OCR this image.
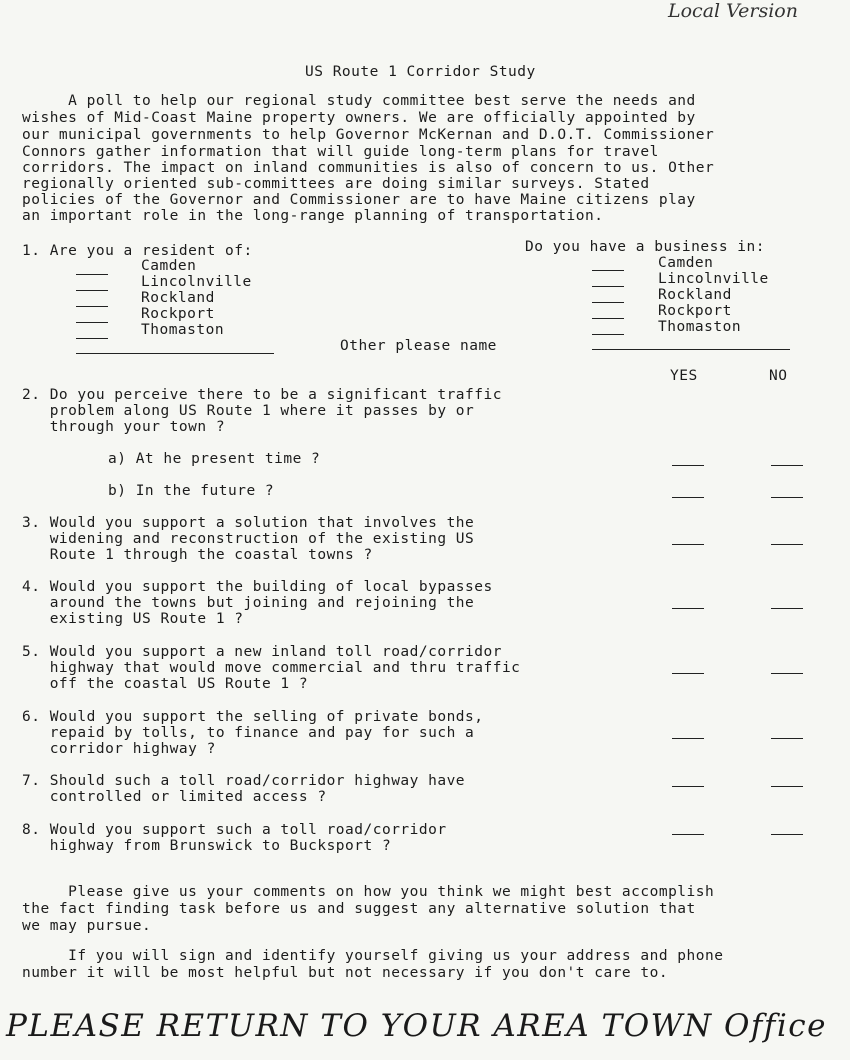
Local Version
US Route 1 Corridor Study
A poll to help our regional study committee best serve the needs and
wishes of Mid-Coast Maine property owners. We are officially appointed by
our municipal governments to help Governor McKernan and D.O.T. Commissioner
Connors gather information that will guide long-term plans for travel
corridors. The impact on inland communities is also of concern to us. Other
regionally oriented sub-committees are doing similar surveys. Stated
policies of the Governor and Commissioner are to have Maine citizens play
an important role in the long-range planning of transportation.
1. Are you a resident of:	Do you have a business in:
Camden
Lincolnville
Rockland
Rockport
Thomaston
Other please name
Camden
Lincolnville
Rockland
Rockport
Thomaston
YES	NO
2. Do you perceive there to be a significant traffic
problem along US Route 1 where it passes by or
through your town ?
a) At he present time ?
b) In the future ?
3. Would you support a solution that involves the
widening and reconstruction of the existing US
Route 1 through the coastal towns ?
4. Would you support the building of local bypasses
around the towns but joining and rejoining the
existing US Route 1 ?
5. Would you support a new inland toll road/corridor
highway that would move commercial and thru traffic
off the coastal US Route 1 ?
6. Would you support the selling of private bonds,
repaid by tolls, to finance and pay for such a
corridor highway ?
7. Should such a toll road/corridor highway have
controlled or limited access ?
8. Would you support such a toll road/corridor
highway from Brunswick to Bucksport ?
Please give us your comments on how you think we might best accomplish
the fact finding task before us and suggest any alternative solution that
we may pursue.
If you will sign and identify yourself giving us your address and phone
number it will be most helpful but not necessary if you don't care to.
PLEASE RETURN TO YOUR AREA TOWN Office
